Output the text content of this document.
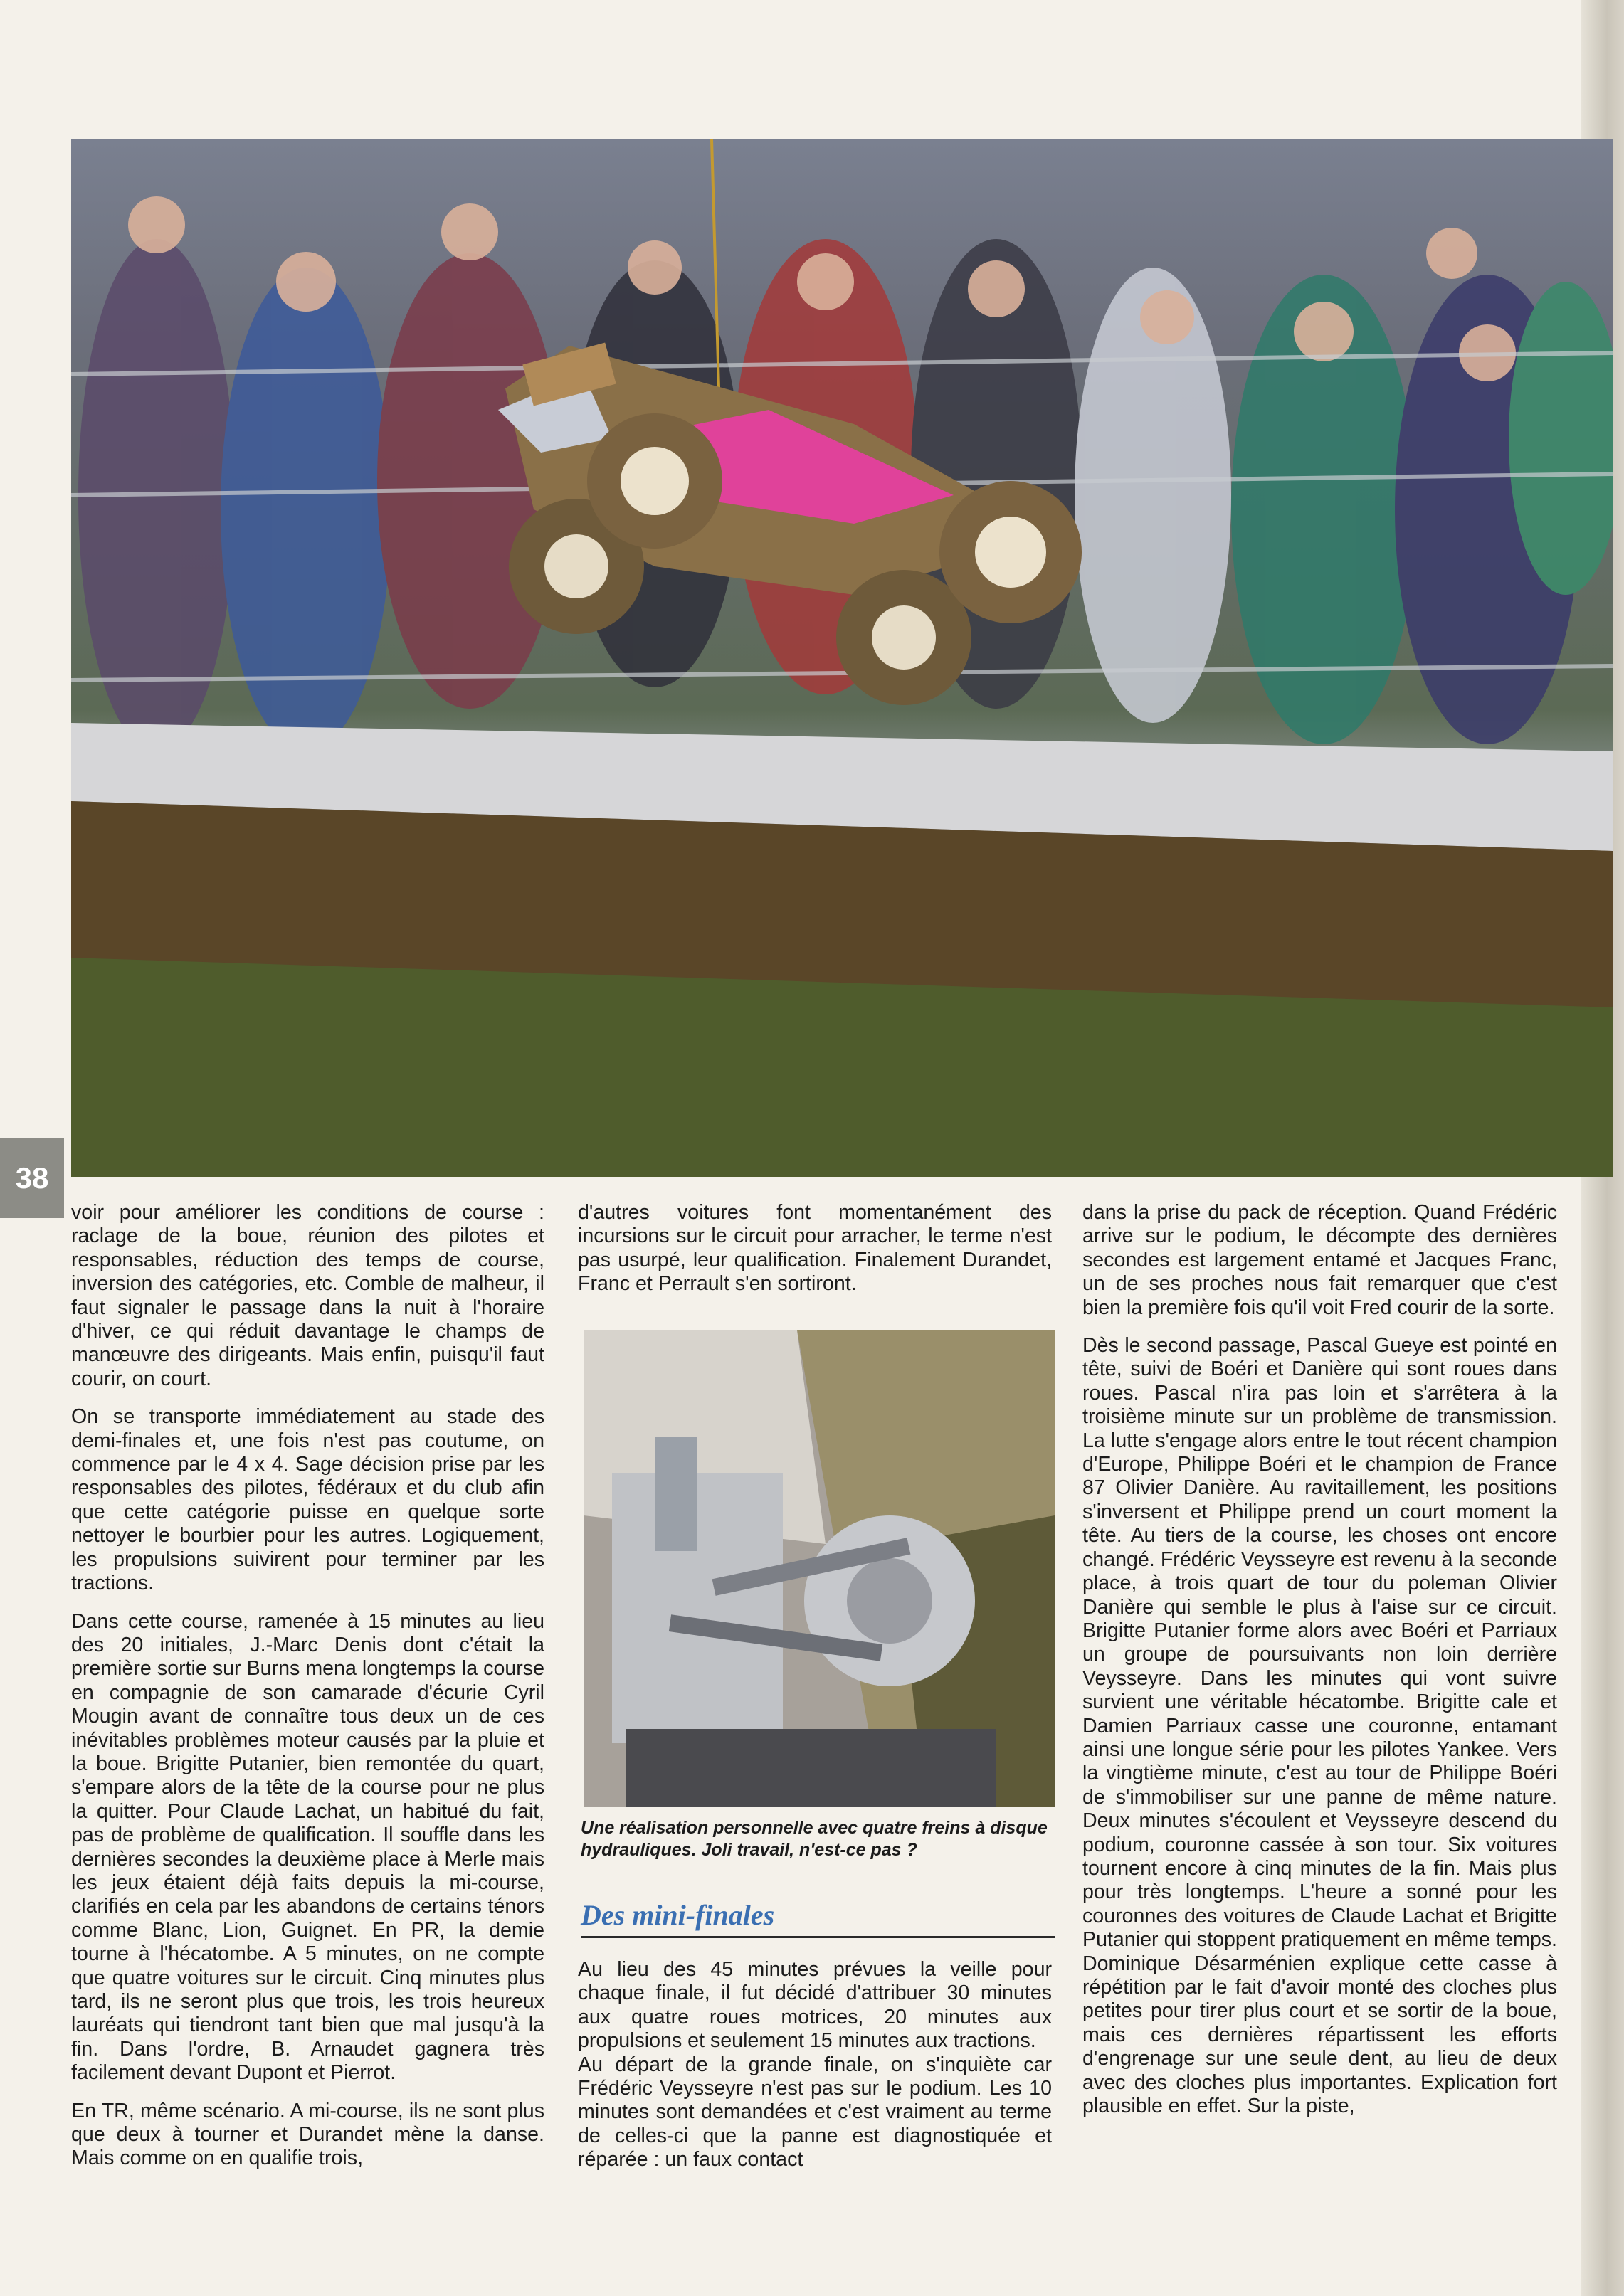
38

voir pour améliorer les conditions de course : raclage de la boue, réunion des pilotes et responsables, réduction des temps de course, inversion des catégories, etc. Comble de malheur, il faut signaler le passage dans la nuit à l'horaire d'hiver, ce qui réduit davantage le champs de manœuvre des dirigeants. Mais enfin, puisqu'il faut courir, on court.

On se transporte immédiatement au stade des demi-finales et, une fois n'est pas coutume, on commence par le 4 x 4. Sage décision prise par les responsables des pilotes, fédéraux et du club afin que cette catégorie puisse en quelque sorte nettoyer le bourbier pour les autres. Logiquement, les propulsions suivirent pour terminer par les tractions.

Dans cette course, ramenée à 15 minutes au lieu des 20 initiales, J.-Marc Denis dont c'était la première sortie sur Burns mena longtemps la course en compagnie de son camarade d'écurie Cyril Mougin avant de connaître tous deux un de ces inévitables problèmes moteur causés par la pluie et la boue. Brigitte Putanier, bien remontée du quart, s'empare alors de la tête de la course pour ne plus la quitter. Pour Claude Lachat, un habitué du fait, pas de problème de qualification. Il souffle dans les dernières secondes la deuxième place à Merle mais les jeux étaient déjà faits depuis la mi-course, clarifiés en cela par les abandons de certains ténors comme Blanc, Lion, Guignet. En PR, la demie tourne à l'hécatombe. A 5 minutes, on ne compte que quatre voitures sur le circuit. Cinq minutes plus tard, ils ne seront plus que trois, les trois heureux lauréats qui tiendront tant bien que mal jusqu'à la fin. Dans l'ordre, B. Arnaudet gagnera très facilement devant Dupont et Pierrot.

En TR, même scénario. A mi-course, ils ne sont plus que deux à tourner et Durandet mène la danse. Mais comme on en qualifie trois,

d'autres voitures font momentanément des incursions sur le circuit pour arracher, le terme n'est pas usurpé, leur qualification. Finalement Durandet, Franc et Perrault s'en sortiront.

Une réalisation personnelle avec quatre freins à disque hydrauliques. Joli travail, n'est-ce pas ?
Des mini-finales

Au lieu des 45 minutes prévues la veille pour chaque finale, il fut décidé d'attribuer 30 minutes aux quatre roues motrices, 20 minutes aux propulsions et seulement 15 minutes aux tractions.

Au départ de la grande finale, on s'inquiète car Frédéric Veysseyre n'est pas sur le podium. Les 10 minutes sont demandées et c'est vraiment au terme de celles-ci que la panne est diagnostiquée et réparée : un faux contact

dans la prise du pack de réception. Quand Frédéric arrive sur le podium, le décompte des dernières secondes est largement entamé et Jacques Franc, un de ses proches nous fait remarquer que c'est bien la première fois qu'il voit Fred courir de la sorte.

Dès le second passage, Pascal Gueye est pointé en tête, suivi de Boéri et Danière qui sont roues dans roues. Pascal n'ira pas loin et s'arrêtera à la troisième minute sur un problème de transmission. La lutte s'engage alors entre le tout récent champion d'Europe, Philippe Boéri et le champion de France 87 Olivier Danière. Au ravitaillement, les positions s'inversent et Philippe prend un court moment la tête. Au tiers de la course, les choses ont encore changé. Frédéric Veysseyre est revenu à la seconde place, à trois quart de tour du poleman Olivier Danière qui semble le plus à l'aise sur ce circuit. Brigitte Putanier forme alors avec Boéri et Parriaux un groupe de poursuivants non loin derrière Veysseyre. Dans les minutes qui vont suivre survient une véritable hécatombe. Brigitte cale et Damien Parriaux casse une couronne, entamant ainsi une longue série pour les pilotes Yankee. Vers la vingtième minute, c'est au tour de Philippe Boéri de s'immobiliser sur une panne de même nature. Deux minutes s'écoulent et Veysseyre descend du podium, couronne cassée à son tour. Six voitures tournent encore à cinq minutes de la fin. Mais plus pour très longtemps. L'heure a sonné pour les couronnes des voitures de Claude Lachat et Brigitte Putanier qui stoppent pratiquement en même temps. Dominique Désarménien explique cette casse à répétition par le fait d'avoir monté des cloches plus petites pour tirer plus court et se sortir de la boue, mais ces dernières répartissent les efforts d'engrenage sur une seule dent, au lieu de deux avec des cloches plus importantes. Explication fort plausible en effet. Sur la piste,
